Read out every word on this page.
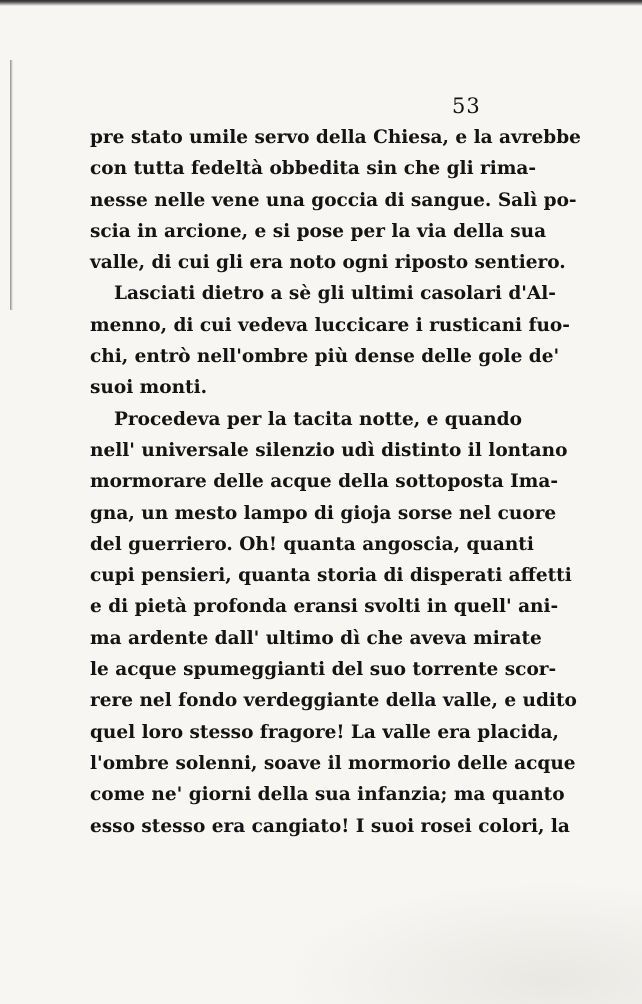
53
pre stato umile servo della Chiesa, e la avrebbe
con tutta fedeltà obbedita sin che gli rima-
nesse nelle vene una goccia di sangue. Salì po-
scia in arcione, e si pose per la via della sua
valle, di cui gli era noto ogni riposto sentiero.
Lasciati dietro a sè gli ultimi casolari d'Al-
menno, di cui vedeva luccicare i rusticani fuo-
chi, entrò nell'ombre più dense delle gole de'
suoi monti.
Procedeva per la tacita notte, e quando
nell' universale silenzio udì distinto il lontano
mormorare delle acque della sottoposta Ima-
gna, un mesto lampo di gioja sorse nel cuore
del guerriero. Oh! quanta angoscia, quanti
cupi pensieri, quanta storia di disperati affetti
e di pietà profonda eransi svolti in quell' ani-
ma ardente dall' ultimo dì che aveva mirate
le acque spumeggianti del suo torrente scor-
rere nel fondo verdeggiante della valle, e udito
quel loro stesso fragore! La valle era placida,
l'ombre solenni, soave il mormorio delle acque
come ne' giorni della sua infanzia; ma quanto
esso stesso era cangiato! I suoi rosei colori, la
